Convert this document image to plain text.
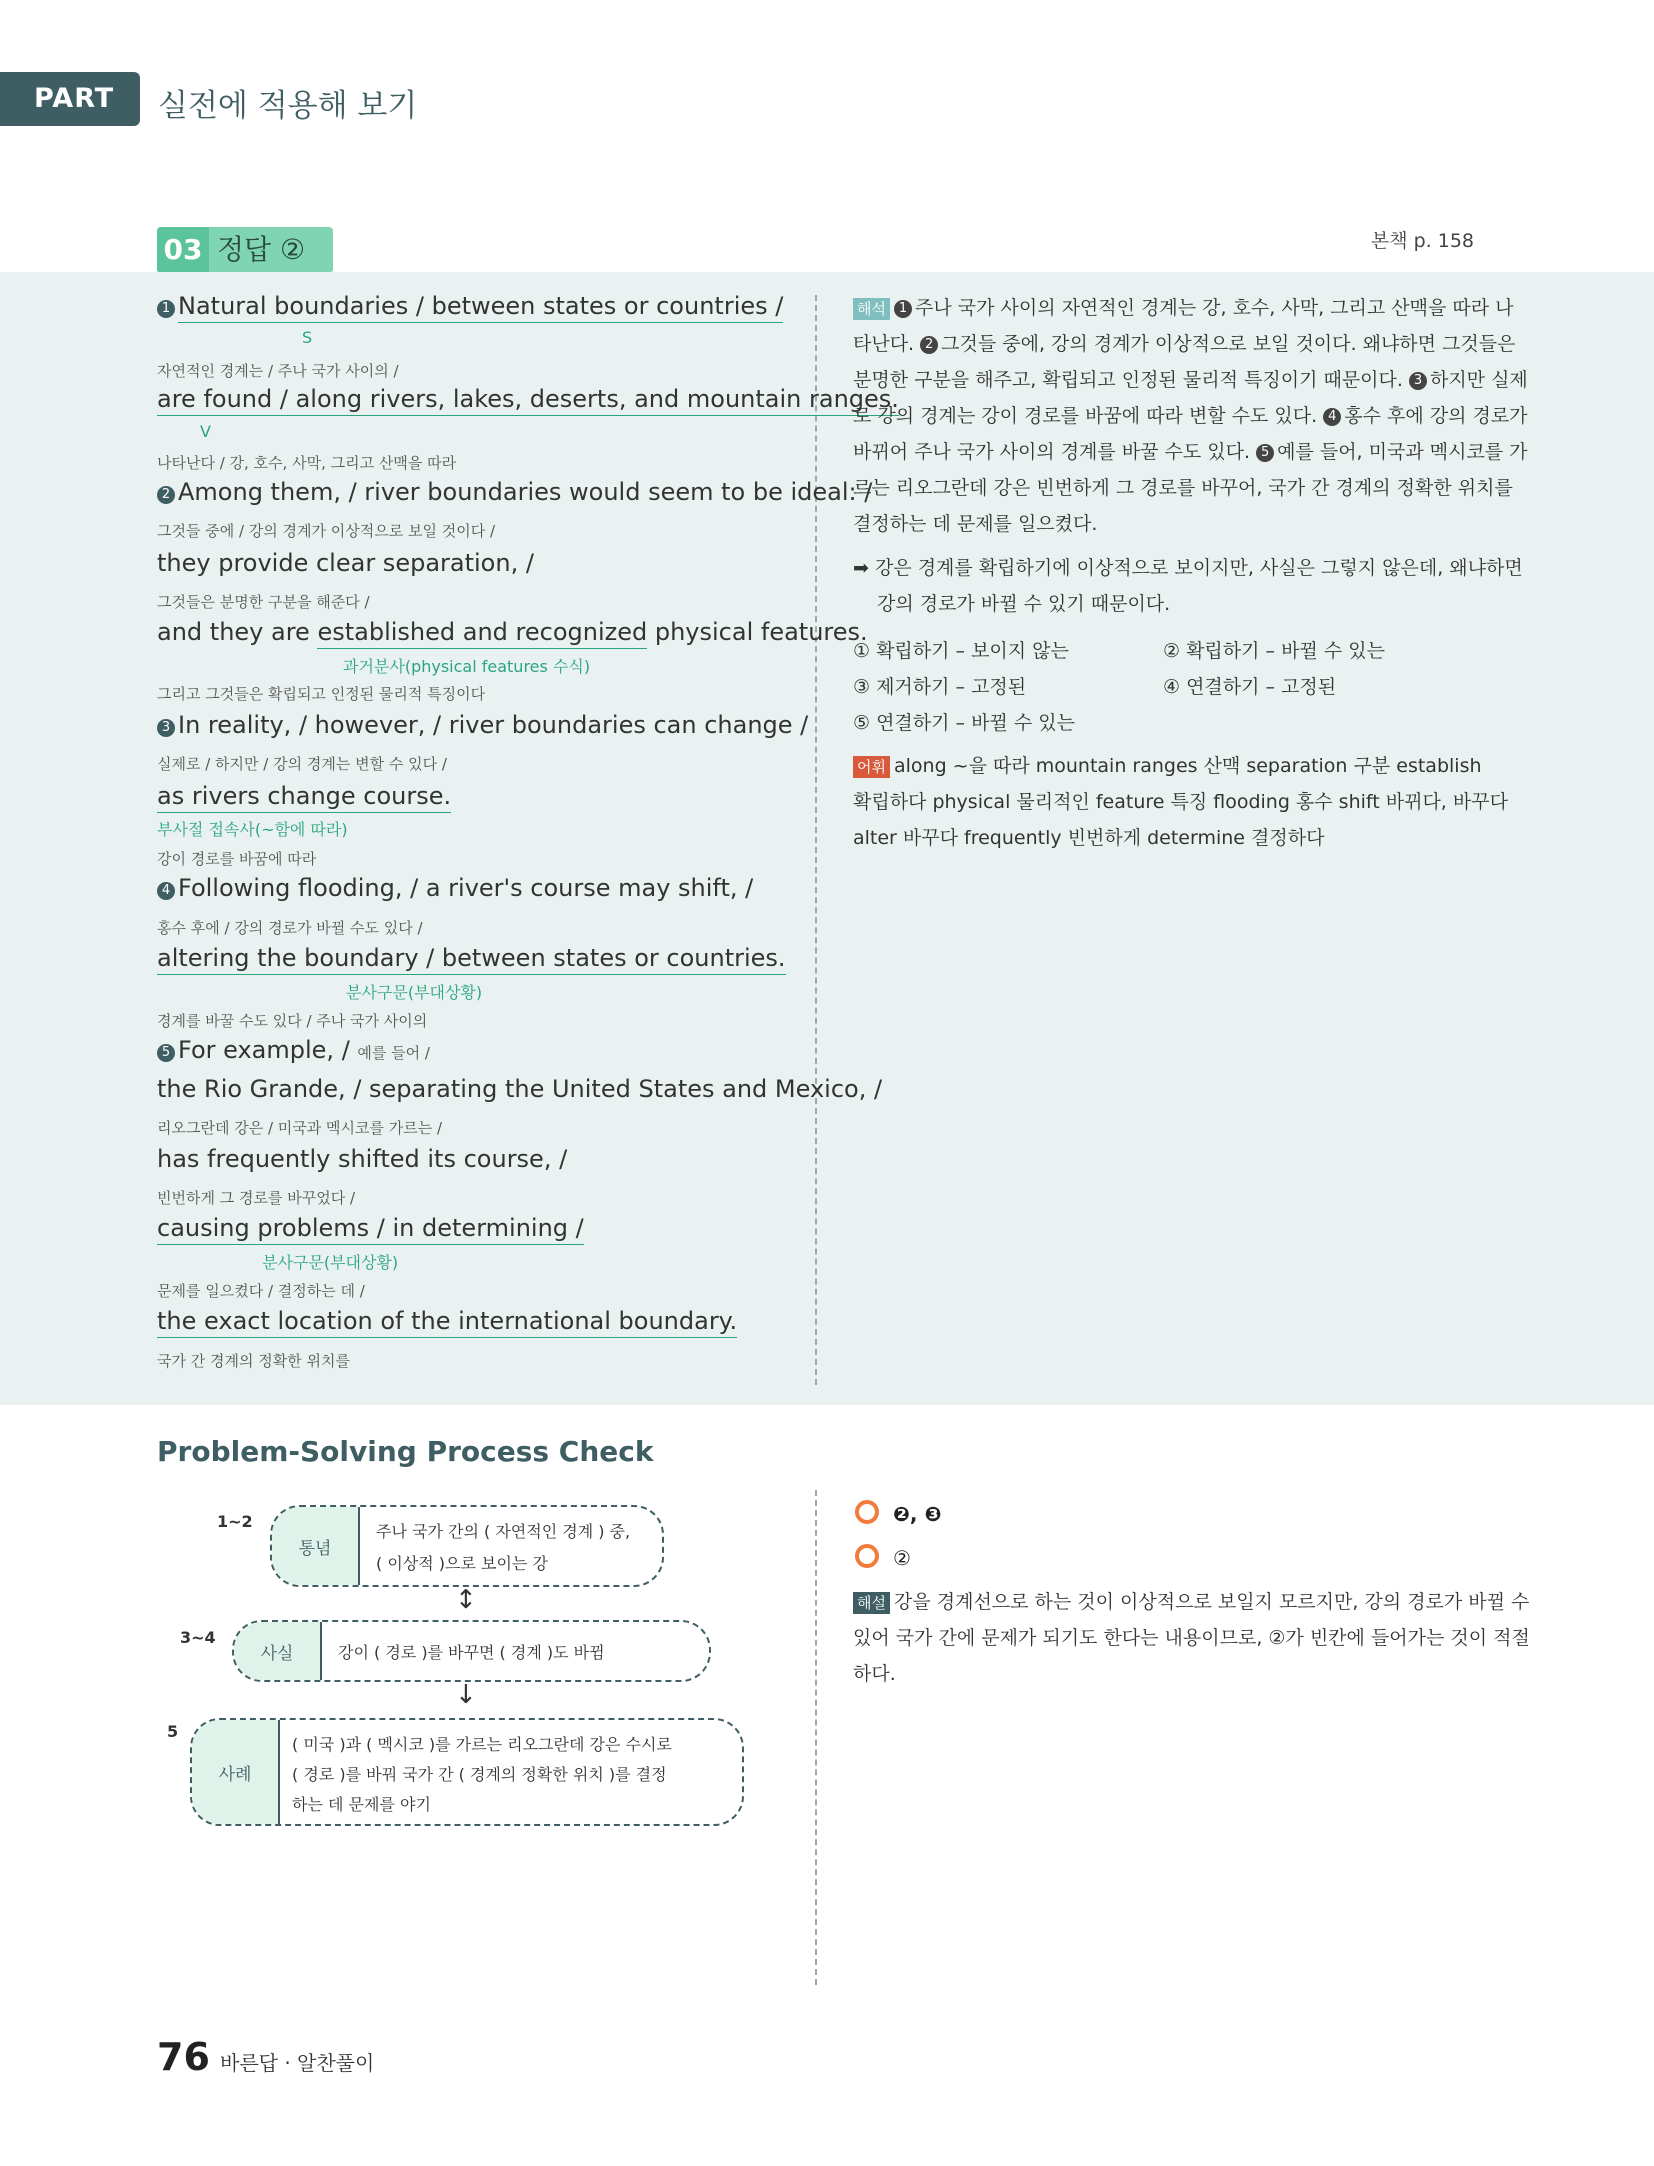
PART Ⅲ
실전에 적용해 보기
03 정답 ②	본책 p. 158
1 Natural boundaries / between states or countries /
S
자연적인 경계는 / 주나 국가 사이의 /
are found / along rivers, lakes, deserts, and mountain ranges.
V
나타난다 / 강, 호수, 사막, 그리고 산맥을 따라
2 Among them, / river boundaries would seem to be ideal: /
그것들 중에 / 강의 경계가 이상적으로 보일 것이다 /
they provide clear separation, /
그것들은 분명한 구분을 해준다 /
and they are established and recognized physical features.
과거분사(physical features 수식)
그리고 그것들은 확립되고 인정된 물리적 특징이다
3 In reality, / however, / river boundaries can change /
실제로 / 하지만 / 강의 경계는 변할 수 있다 /
as rivers change course.
부사절 접속사(~함에 따라)
강이 경로를 바꿈에 따라
4 Following flooding, / a river's course may shift, /
홍수 후에 / 강의 경로가 바뀔 수도 있다 /
altering the boundary / between states or countries.
분사구문(부대상황)
경계를 바꿀 수도 있다 / 주나 국가 사이의
5 For example, / 예를 들어 /
the Rio Grande, / separating the United States and Mexico, /
리오그란데 강은 / 미국과 멕시코를 가르는 /
has frequently shifted its course, /
빈번하게 그 경로를 바꾸었다 /
causing problems / in determining /
분사구문(부대상황)
문제를 일으켰다 / 결정하는 데 /
the exact location of the international boundary.
국가 간 경계의 정확한 위치를
해석 1 주나 국가 사이의 자연적인 경계는 강, 호수, 사막, 그리고 산맥을 따라 나
타난다. 2 그것들 중에, 강의 경계가 이상적으로 보일 것이다. 왜냐하면 그것들은
분명한 구분을 해주고, 확립되고 인정된 물리적 특징이기 때문이다. 3 하지만 실제
로 강의 경계는 강이 경로를 바꿈에 따라 변할 수도 있다. 4 홍수 후에 강의 경로가
바뀌어 주나 국가 사이의 경계를 바꿀 수도 있다. 5 예를 들어, 미국과 멕시코를 가
르는 리오그란데 강은 빈번하게 그 경로를 바꾸어, 국가 간 경계의 정확한 위치를
결정하는 데 문제를 일으켰다.
➡ 강은 경계를 확립하기에 이상적으로 보이지만, 사실은 그렇지 않은데, 왜냐하면
강의 경로가 바뀔 수 있기 때문이다.
① 확립하기 – 보이지 않는	② 확립하기 – 바뀔 수 있는
③ 제거하기 – 고정된	④ 연결하기 – 고정된
⑤ 연결하기 – 바뀔 수 있는
어휘 along ~을 따라 mountain ranges 산맥 separation 구분 establish
확립하다 physical 물리적인 feature 특징 flooding 홍수 shift 바뀌다, 바꾸다
alter 바꾸다 frequently 빈번하게 determine 결정하다
Problem-Solving Process Check
1~2
통념
주나 국가 간의 ( 자연적인 경계 ) 중,
( 이상적 )으로 보이는 강
↕
3~4
사실	강이 ( 경로 )를 바꾸면 ( 경계 )도 바뀜
↓
5
사례
( 미국 )과 ( 멕시코 )를 가르는 리오그란데 강은 수시로
( 경로 )를 바꿔 국가 간 ( 경계의 정확한 위치 )를 결정
하는 데 문제를 야기
❷, ❸
②
해설 강을 경계선으로 하는 것이 이상적으로 보일지 모르지만, 강의 경로가 바뀔 수
있어 국가 간에 문제가 되기도 한다는 내용이므로, ②가 빈칸에 들어가는 것이 적절
하다.
76 바른답 · 알찬풀이
